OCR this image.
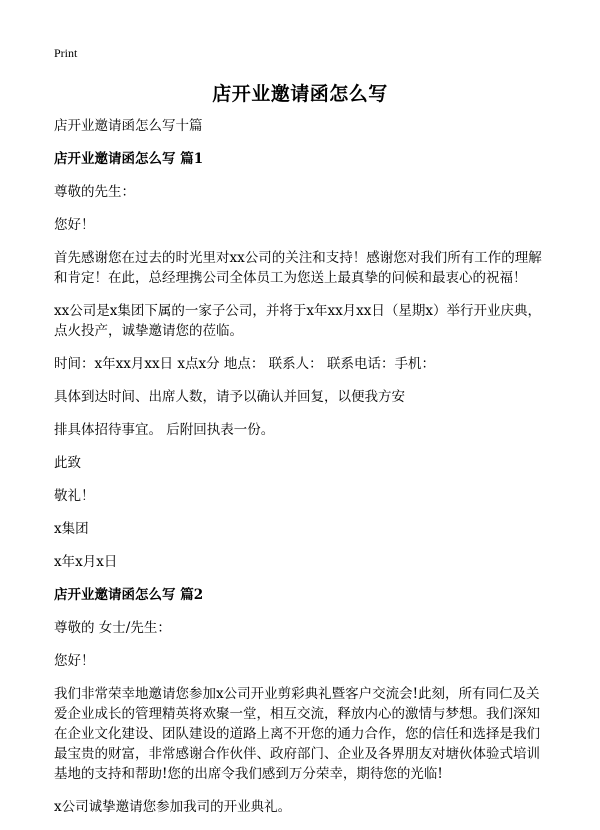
Print
店开业邀请函怎么写

店开业邀请函怎么写十篇

店开业邀请函怎么写 篇1

尊敬的先生：

您好！

首先感谢您在过去的时光里对xx公司的关注和支持！感谢您对我们所有工作的理解和肯定！在此，总经理携公司全体员工为您送上最真挚的问候和最衷心的祝福！

xx公司是x集团下属的一家子公司，并将于x年xx月xx日（星期x）举行开业庆典，点火投产，诚挚邀请您的莅临。

时间：x年xx月xx日 x点x分 地点： 联系人： 联系电话：手机：

具体到达时间、出席人数，请予以确认并回复，以便我方安

排具体招待事宜。 后附回执表一份。

此致

敬礼！

x集团

x年x月x日

店开业邀请函怎么写 篇2

尊敬的 女士/先生：

您好！

我们非常荣幸地邀请您参加x公司开业剪彩典礼暨客户交流会!此刻，所有同仁及关爱企业成长的管理精英将欢聚一堂，相互交流，释放内心的激情与梦想。我们深知在企业文化建设、团队建设的道路上离不开您的通力合作，您的信任和选择是我们最宝贵的财富，非常感谢合作伙伴、政府部门、企业及各界朋友对塘伙体验式培训基地的支持和帮助!您的出席令我们感到万分荣幸，期待您的光临!

x公司诚挚邀请您参加我司的开业典礼。
